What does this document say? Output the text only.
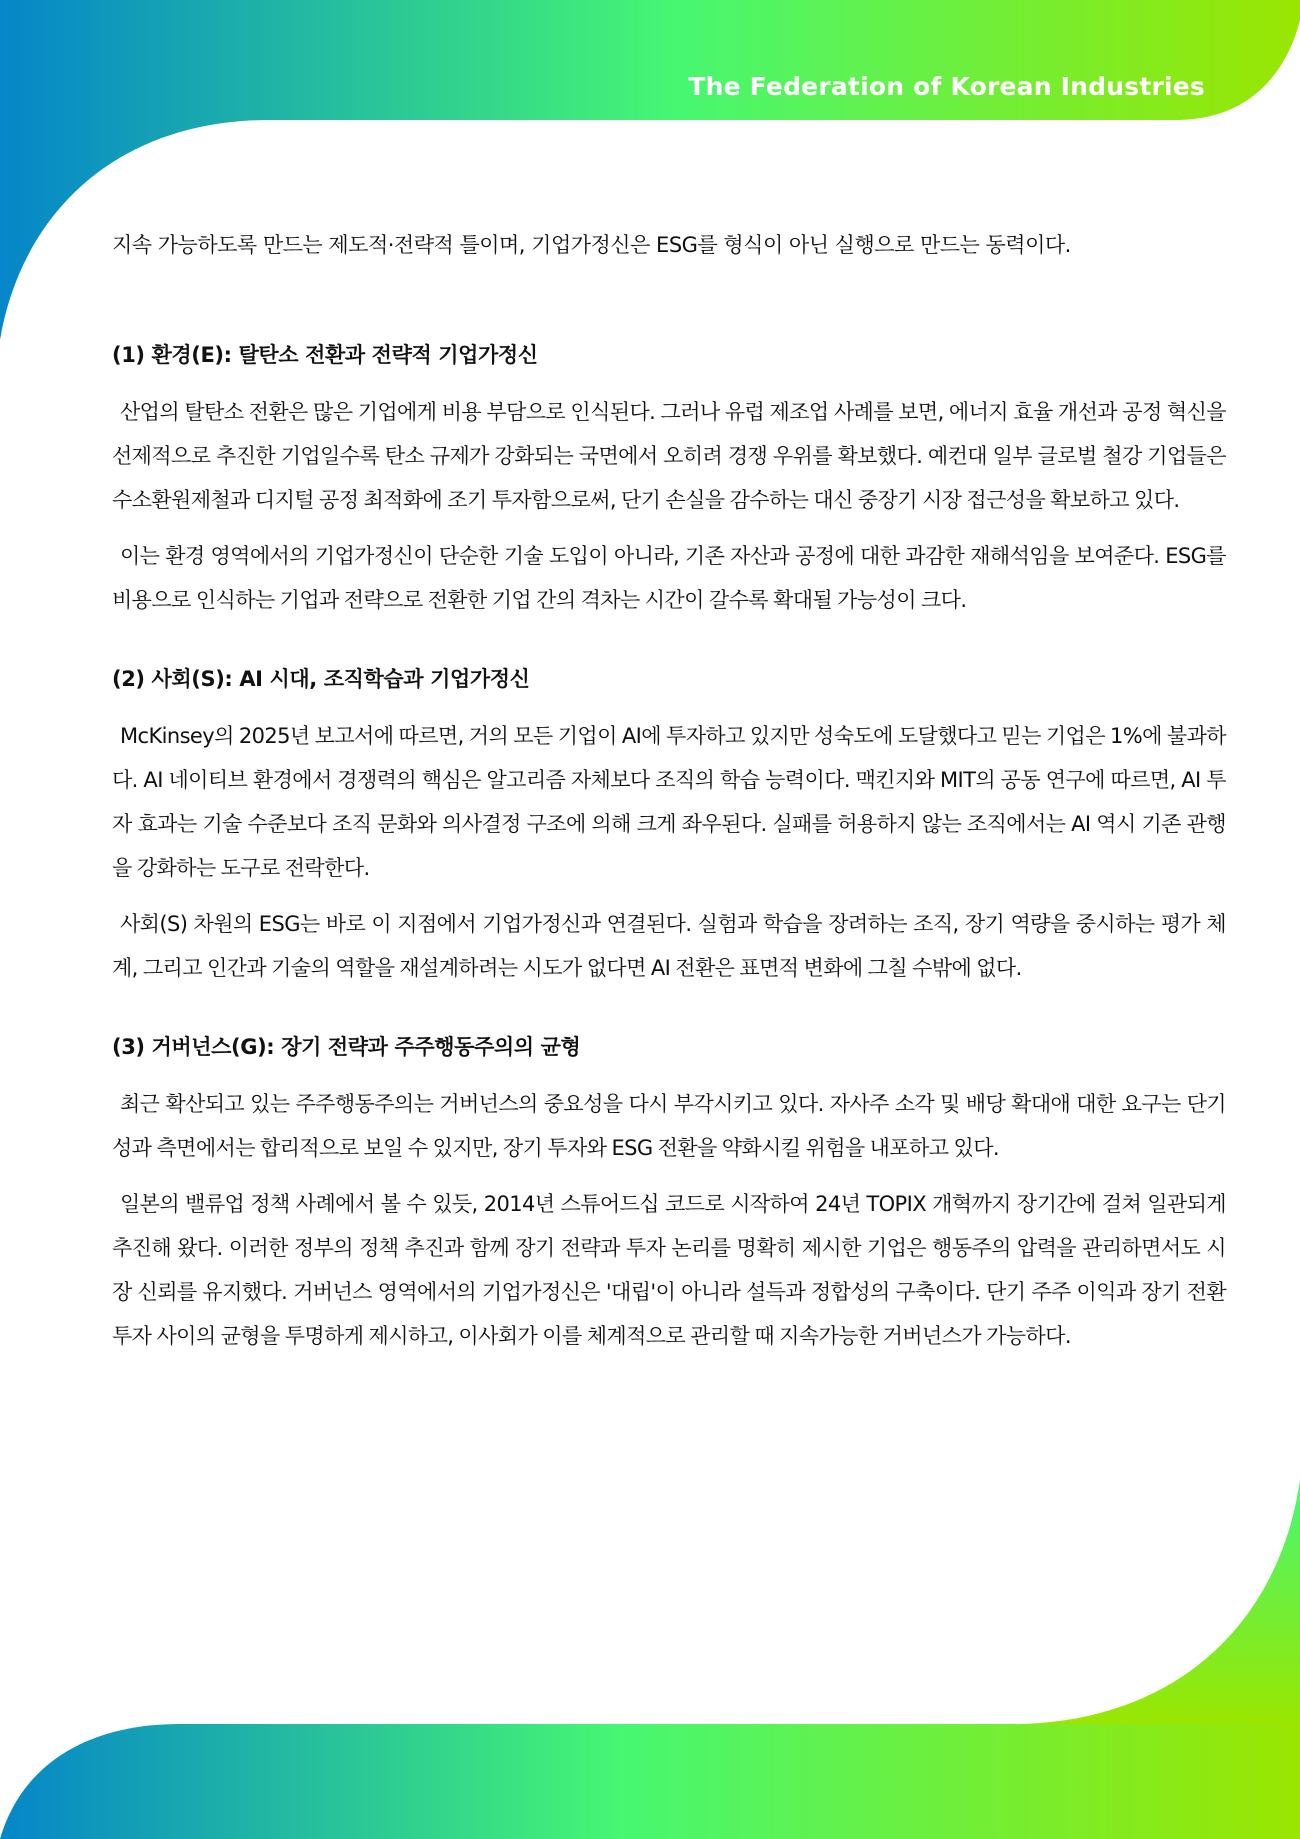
The Federation of Korean Industries

지속 가능하도록 만드는 제도적·전략적 틀이며, 기업가정신은 ESG를 형식이 아닌 실행으로 만드는 동력이다.

(1) 환경(E): 탈탄소 전환과 전략적 기업가정신

산업의 탈탄소 전환은 많은 기업에게 비용 부담으로 인식된다. 그러나 유럽 제조업 사례를 보면, 에너지 효율 개선과 공정 혁신을 선제적으로 추진한 기업일수록 탄소 규제가 강화되는 국면에서 오히려 경쟁 우위를 확보했다. 예컨대 일부 글로벌 철강 기업들은 수소환원제철과 디지털 공정 최적화에 조기 투자함으로써, 단기 손실을 감수하는 대신 중장기 시장 접근성을 확보하고 있다.

이는 환경 영역에서의 기업가정신이 단순한 기술 도입이 아니라, 기존 자산과 공정에 대한 과감한 재해석임을 보여준다. ESG를 비용으로 인식하는 기업과 전략으로 전환한 기업 간의 격차는 시간이 갈수록 확대될 가능성이 크다.

(2) 사회(S): AI 시대, 조직학습과 기업가정신

McKinsey의 2025년 보고서에 따르면, 거의 모든 기업이 AI에 투자하고 있지만 성숙도에 도달했다고 믿는 기업은 1%에 불과하다. AI 네이티브 환경에서 경쟁력의 핵심은 알고리즘 자체보다 조직의 학습 능력이다. 맥킨지와 MIT의 공동 연구에 따르면, AI 투자 효과는 기술 수준보다 조직 문화와 의사결정 구조에 의해 크게 좌우된다. 실패를 허용하지 않는 조직에서는 AI 역시 기존 관행을 강화하는 도구로 전락한다.

사회(S) 차원의 ESG는 바로 이 지점에서 기업가정신과 연결된다. 실험과 학습을 장려하는 조직, 장기 역량을 중시하는 평가 체계, 그리고 인간과 기술의 역할을 재설계하려는 시도가 없다면 AI 전환은 표면적 변화에 그칠 수밖에 없다.

(3) 거버넌스(G): 장기 전략과 주주행동주의의 균형

최근 확산되고 있는 주주행동주의는 거버넌스의 중요성을 다시 부각시키고 있다. 자사주 소각 및 배당 확대애 대한 요구는 단기 성과 측면에서는 합리적으로 보일 수 있지만, 장기 투자와 ESG 전환을 약화시킬 위험을 내포하고 있다.

일본의 밸류업 정책 사례에서 볼 수 있듯, 2014년 스튜어드십 코드로 시작하여 24년 TOPIX 개혁까지 장기간에 걸쳐 일관되게 추진해 왔다. 이러한 정부의 정책 추진과 함께 장기 전략과 투자 논리를 명확히 제시한 기업은 행동주의 압력을 관리하면서도 시장 신뢰를 유지했다. 거버넌스 영역에서의 기업가정신은 '대립'이 아니라 설득과 정합성의 구축이다. 단기 주주 이익과 장기 전환 투자 사이의 균형을 투명하게 제시하고, 이사회가 이를 체계적으로 관리할 때 지속가능한 거버넌스가 가능하다.
